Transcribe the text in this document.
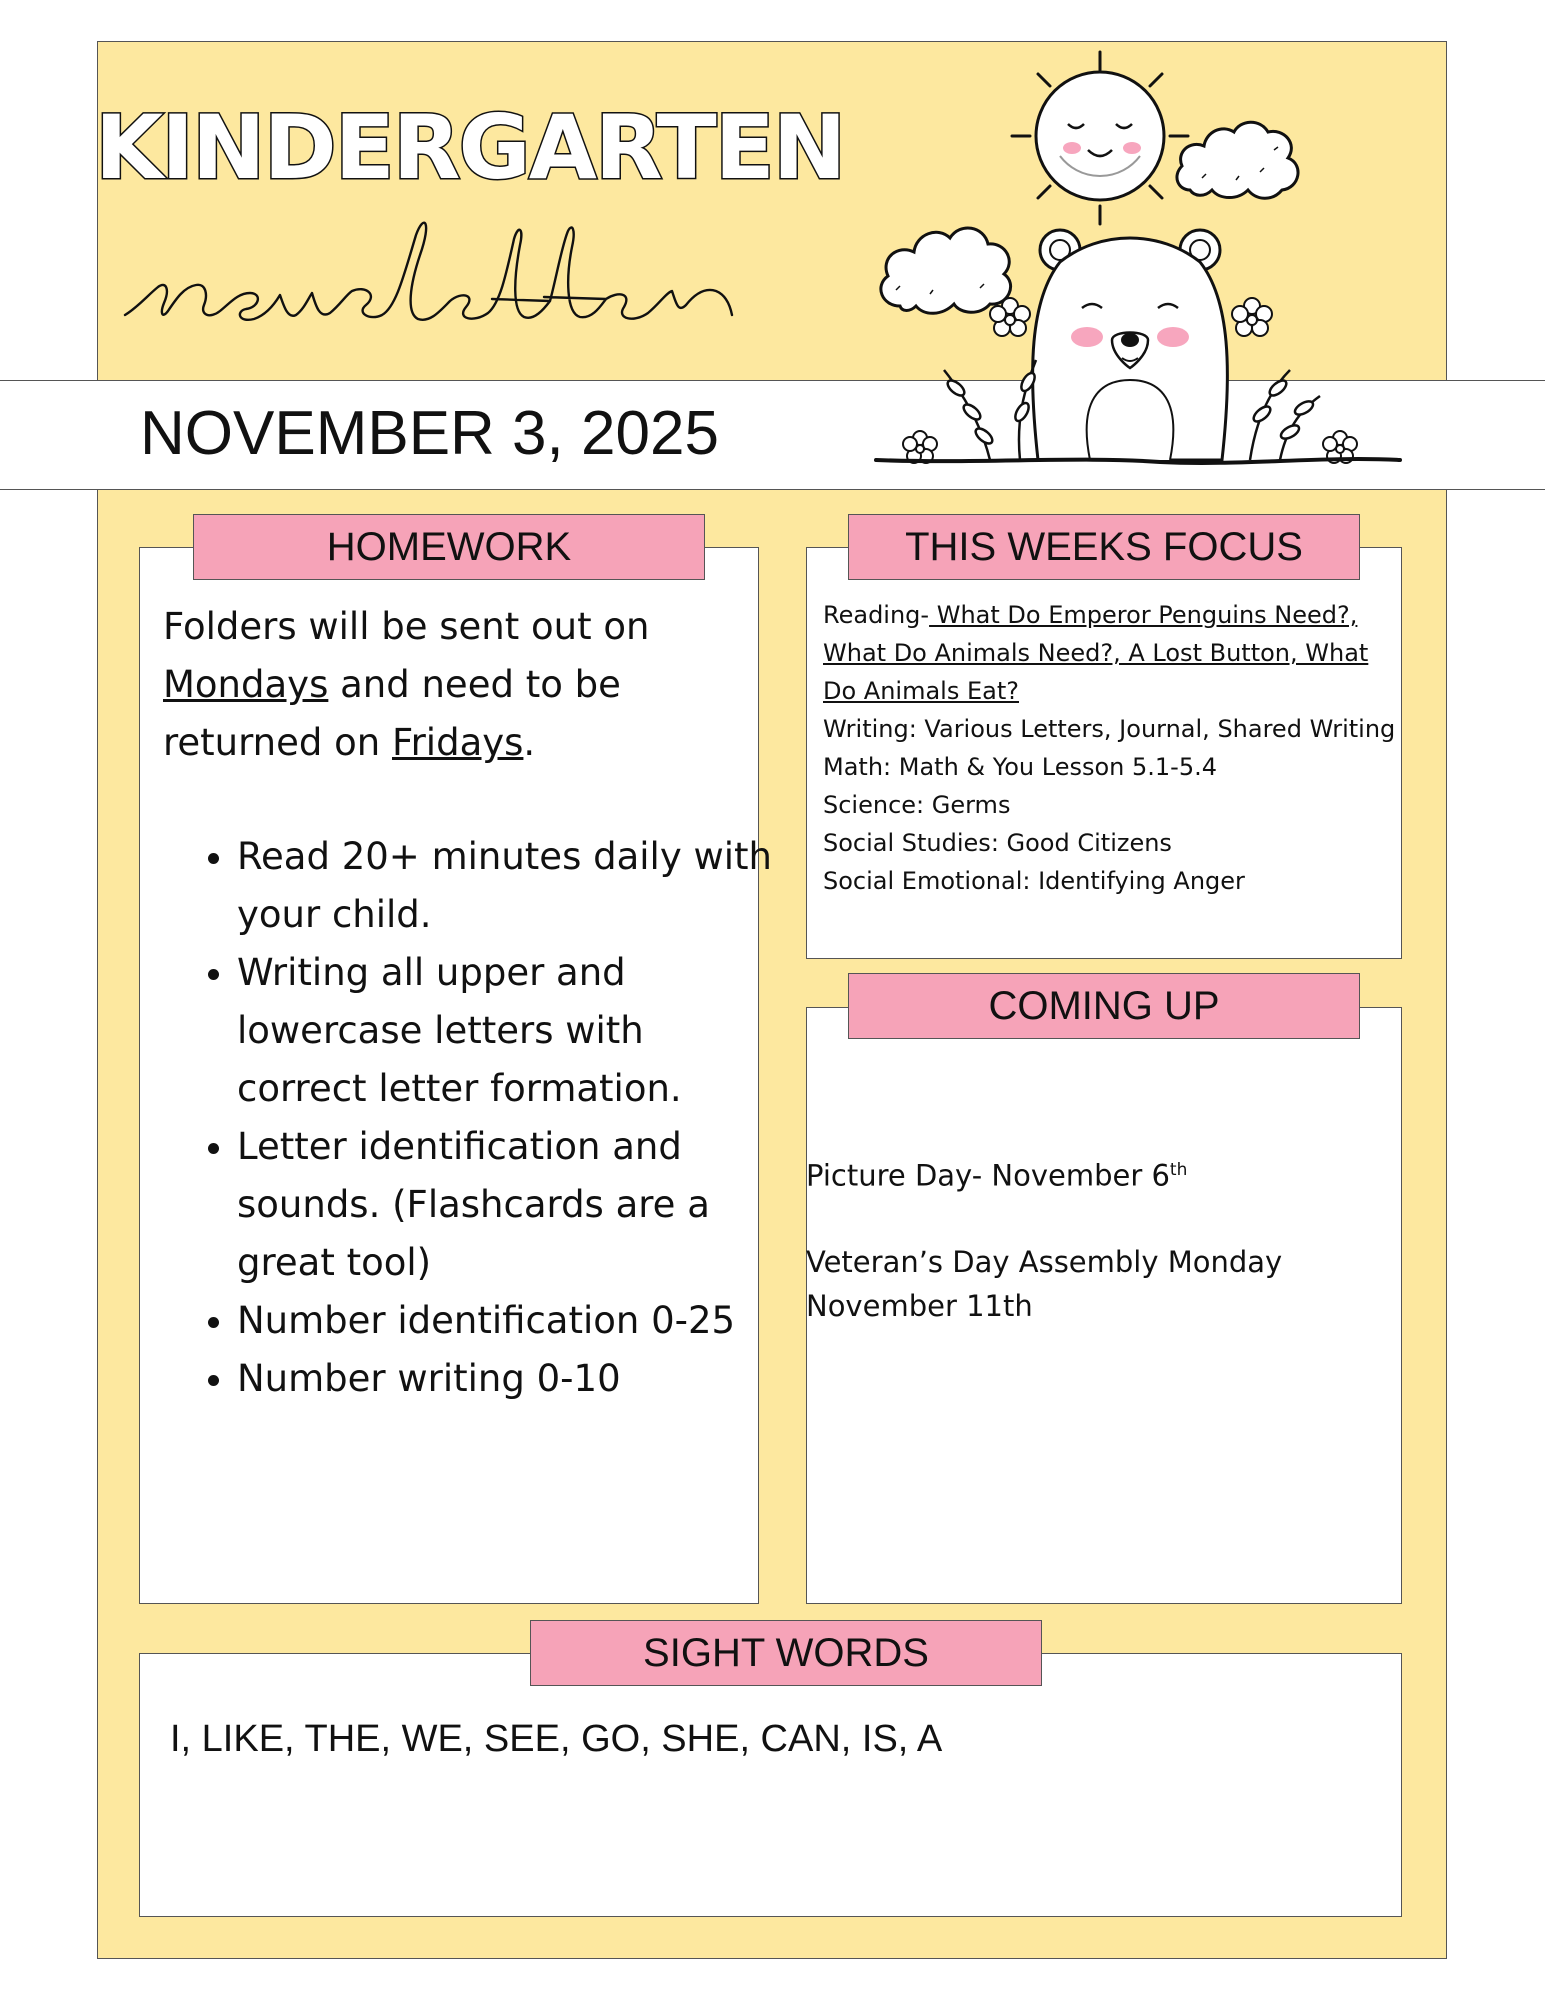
KINDERGARTEN
NOVEMBER 3, 2025
HOMEWORK
Folders will be sent out on Mondays and need to be returned on Fridays.
• Read 20+ minutes daily with your child.
• Writing all upper and lowercase letters with correct letter formation.
• Letter identification and sounds. (Flashcards are a great tool)
• Number identification 0-25
• Number writing 0-10
THIS WEEKS FOCUS
Reading- What Do Emperor Penguins Need?, What Do Animals Need?, A Lost Button, What Do Animals Eat?
Writing: Various Letters, Journal, Shared Writing
Math: Math & You Lesson 5.1-5.4
Science: Germs
Social Studies: Good Citizens
Social Emotional: Identifying Anger
COMING UP
Picture Day- November 6th
Veteran’s Day Assembly Monday
November 11th
SIGHT WORDS
I, LIKE, THE, WE, SEE, GO, SHE, CAN, IS, A
